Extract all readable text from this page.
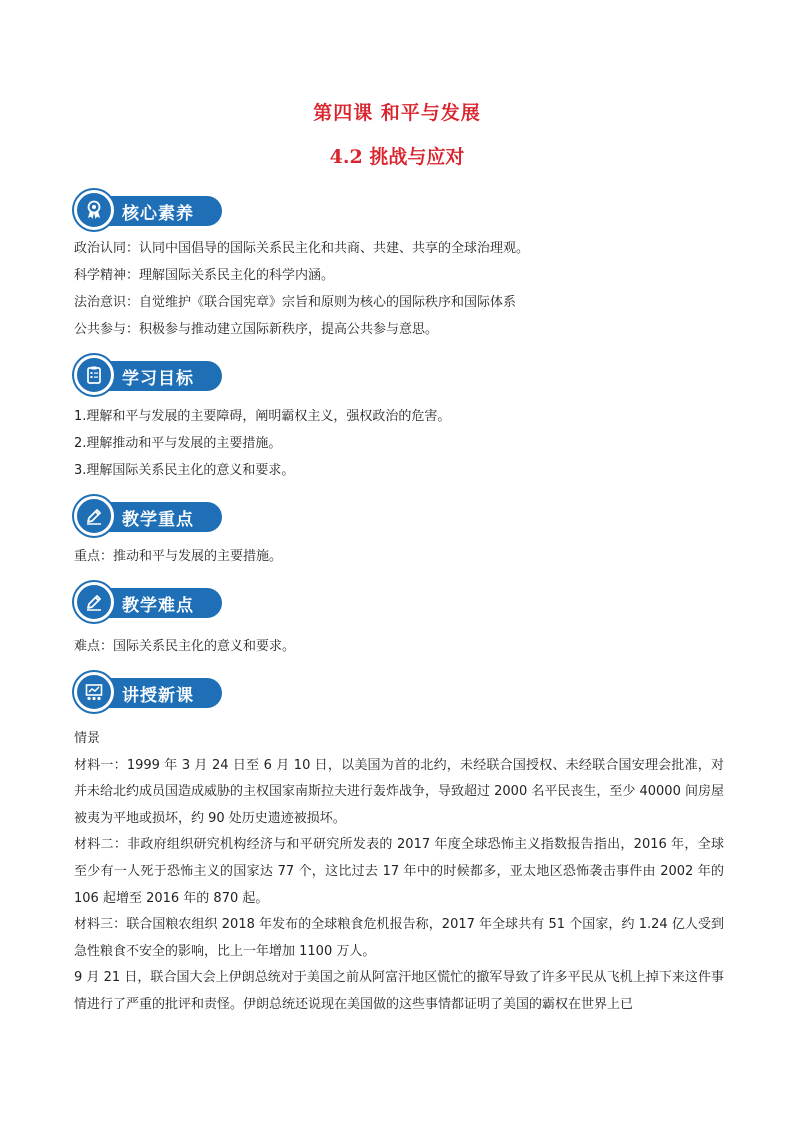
第四课 和平与发展
4.2 挑战与应对
核心素养
政治认同：认同中国倡导的国际关系民主化和共商、共建、共享的全球治理观。
科学精神：理解国际关系民主化的科学内涵。
法治意识：自觉维护《联合国宪章》宗旨和原则为核心的国际秩序和国际体系
公共参与：积极参与推动建立国际新秩序，提高公共参与意思。
学习目标
1.理解和平与发展的主要障碍，阐明霸权主义，强权政治的危害。
2.理解推动和平与发展的主要措施。
3.理解国际关系民主化的意义和要求。
教学重点
重点：推动和平与发展的主要措施。
教学难点
难点：国际关系民主化的意义和要求。
讲授新课

情景

材料一：1999 年 3 月 24 日至 6 月 10 日，以美国为首的北约，未经联合国授权、未经联合国安理会批准，对并未给北约成员国造成威胁的主权国家南斯拉夫进行轰炸战争，导致超过 2000 名平民丧生，至少 40000 间房屋被夷为平地或损坏，约 90 处历史遗迹被损坏。

材料二：非政府组织研究机构经济与和平研究所发表的 2017 年度全球恐怖主义指数报告指出，2016 年，全球至少有一人死于恐怖主义的国家达 77 个，这比过去 17 年中的时候都多，亚太地区恐怖袭击事件由 2002 年的 106 起增至 2016 年的 870 起。

材料三：联合国粮农组织 2018 年发布的全球粮食危机报告称，2017 年全球共有 51 个国家，约 1.24 亿人受到急性粮食不安全的影响，比上一年增加 1100 万人。

9 月 21 日，联合国大会上伊朗总统对于美国之前从阿富汗地区慌忙的撤军导致了许多平民从飞机上掉下来这件事情进行了严重的批评和责怪。伊朗总统还说现在美国做的这些事情都证明了美国的霸权在世界上已
